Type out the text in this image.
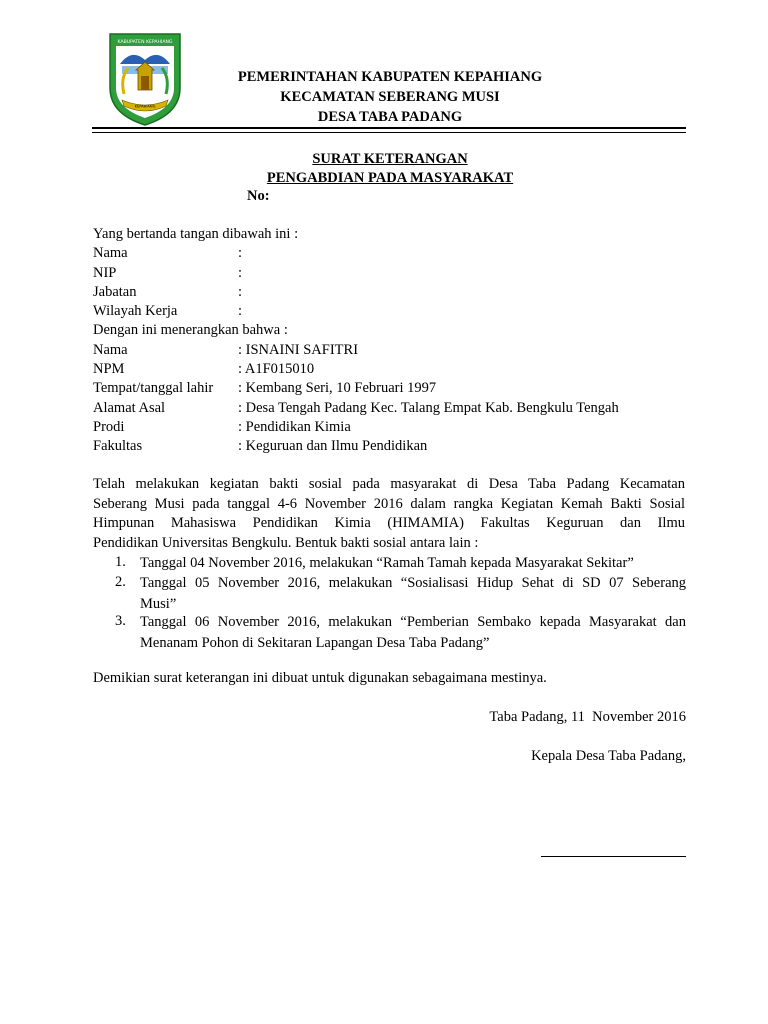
KABUPATEN KEPAHIANG
KEPAHIANG
PEMERINTAHAN KABUPATEN KEPAHIANG
KECAMATAN SEBERANG MUSI
DESA TABA PADANG
SURAT KETERANGAN
PENGABDIAN PADA MASYARAKAT
No:
Yang bertanda tangan dibawah ini :
Nama	:
NIP	:
Jabatan	:
Wilayah Kerja	:
Dengan ini menerangkan bahwa :
Nama	: ISNAINI SAFITRI
NPM	: A1F015010
Tempat/tanggal lahir : Kembang Seri, 10 Februari 1997
Alamat Asal	: Desa Tengah Padang Kec. Talang Empat Kab. Bengkulu Tengah
Prodi	: Pendidikan Kimia
Fakultas	: Keguruan dan Ilmu Pendidikan
Telah melakukan kegiatan bakti sosial pada masyarakat di Desa Taba Padang Kecamatan
Seberang Musi pada tanggal 4-6 November 2016 dalam rangka Kegiatan Kemah Bakti Sosial
Himpunan Mahasiswa Pendidikan Kimia (HIMAMIA) Fakultas Keguruan dan Ilmu
Pendidikan Universitas Bengkulu. Bentuk bakti sosial antara lain :
1. Tanggal 04 November 2016, melakukan “Ramah Tamah kepada Masyarakat Sekitar”
2. Tanggal 05 November 2016, melakukan “Sosialisasi Hidup Sehat di SD 07 Seberang
Musi”
3. Tanggal 06 November 2016, melakukan “Pemberian Sembako kepada Masyarakat dan
Menanam Pohon di Sekitaran Lapangan Desa Taba Padang”
Demikian surat keterangan ini dibuat untuk digunakan sebagaimana mestinya.
Taba Padang, 11  November 2016
Kepala Desa Taba Padang,
